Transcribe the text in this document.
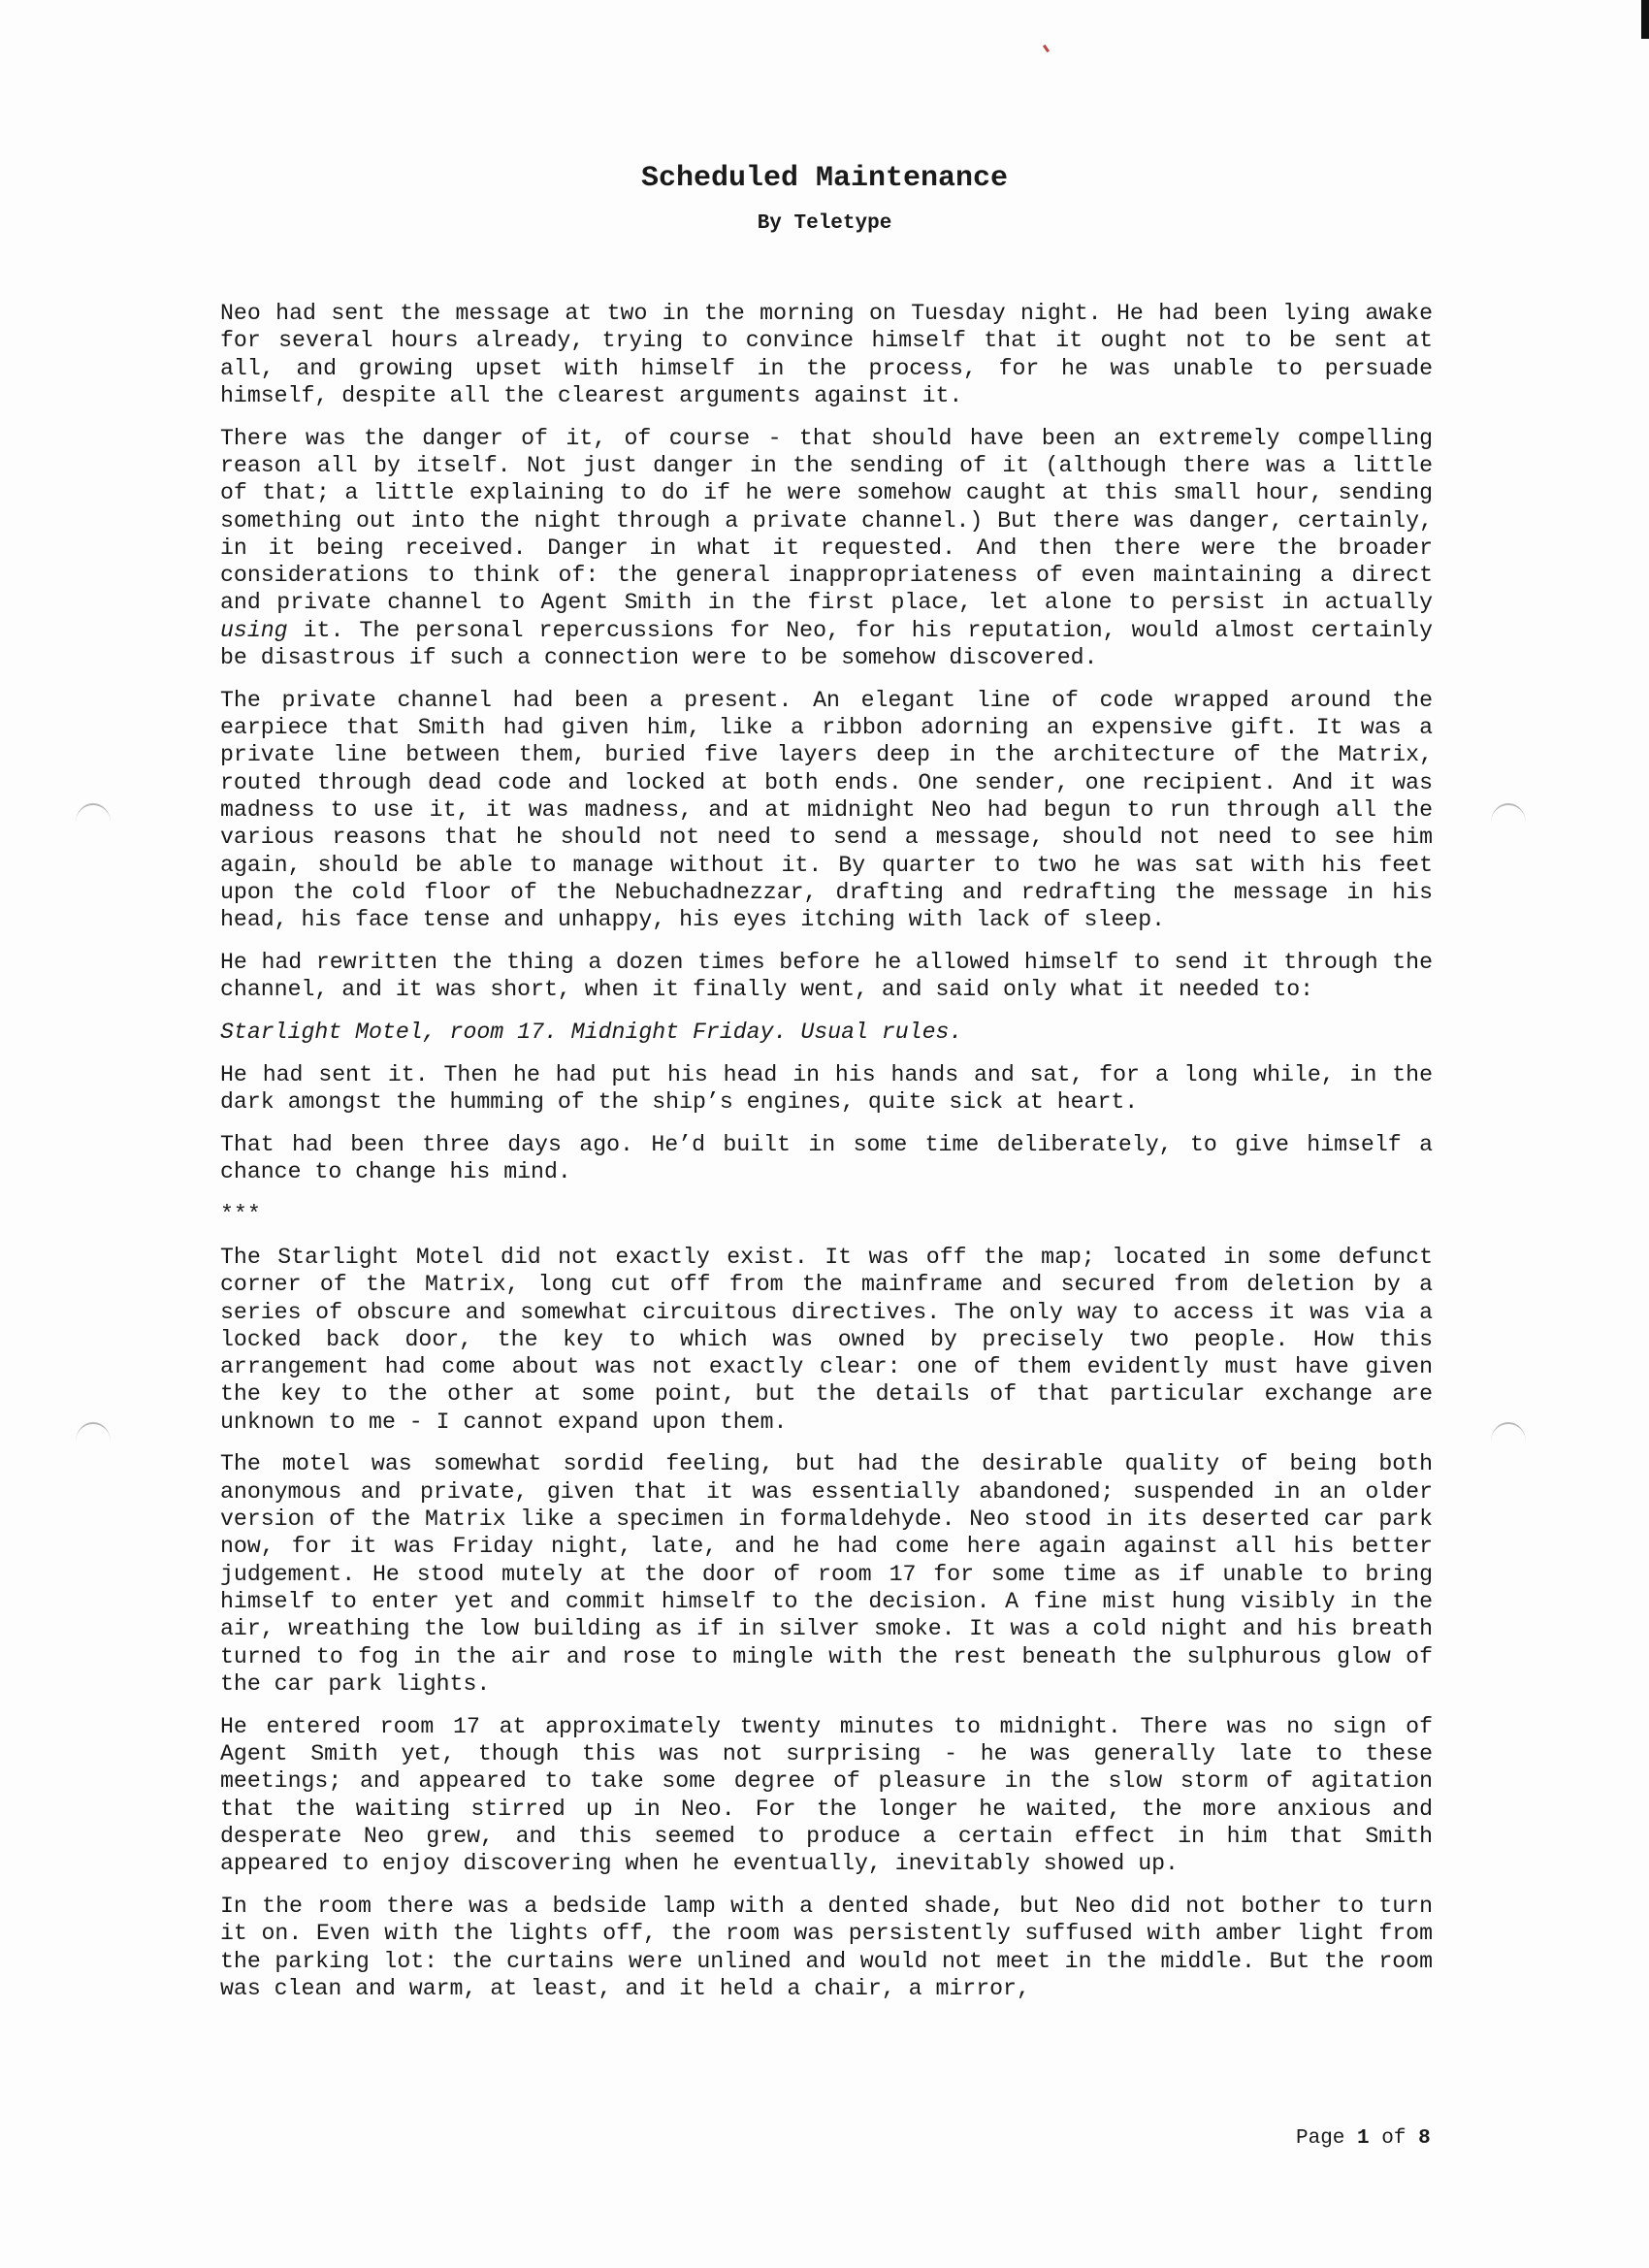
Scheduled Maintenance

By Teletype

Neo had sent the message at two in the morning on Tuesday night. He had been lying awake for several hours already, trying to convince himself that it ought not to be sent at all, and growing upset with himself in the process, for he was unable to persuade himself, despite all the clearest arguments against it.

There was the danger of it, of course - that should have been an extremely compelling reason all by itself. Not just danger in the sending of it (although there was a little of that; a little explaining to do if he were somehow caught at this small hour, sending something out into the night through a private channel.) But there was danger, certainly, in it being received. Danger in what it requested. And then there were the broader considerations to think of: the general inappropriateness of even maintaining a direct and private channel to Agent Smith in the first place, let alone to persist in actually using it. The personal repercussions for Neo, for his reputation, would almost certainly be disastrous if such a connection were to be somehow discovered.

The private channel had been a present. An elegant line of code wrapped around the earpiece that Smith had given him, like a ribbon adorning an expensive gift. It was a private line between them, buried five layers deep in the architecture of the Matrix, routed through dead code and locked at both ends. One sender, one recipient. And it was madness to use it, it was madness, and at midnight Neo had begun to run through all the various reasons that he should not need to send a message, should not need to see him again, should be able to manage without it. By quarter to two he was sat with his feet upon the cold floor of the Nebuchadnezzar, drafting and redrafting the message in his head, his face tense and unhappy, his eyes itching with lack of sleep.

He had rewritten the thing a dozen times before he allowed himself to send it through the channel, and it was short, when it finally went, and said only what it needed to:

Starlight Motel, room 17. Midnight Friday. Usual rules.

He had sent it. Then he had put his head in his hands and sat, for a long while, in the dark amongst the humming of the ship’s engines, quite sick at heart.

That had been three days ago. He’d built in some time deliberately, to give himself a chance to change his mind.

***

The Starlight Motel did not exactly exist. It was off the map; located in some defunct corner of the Matrix, long cut off from the mainframe and secured from deletion by a series of obscure and somewhat circuitous directives. The only way to access it was via a locked back door, the key to which was owned by precisely two people. How this arrangement had come about was not exactly clear: one of them evidently must have given the key to the other at some point, but the details of that particular exchange are unknown to me - I cannot expand upon them.

The motel was somewhat sordid feeling, but had the desirable quality of being both anonymous and private, given that it was essentially abandoned; suspended in an older version of the Matrix like a specimen in formaldehyde. Neo stood in its deserted car park now, for it was Friday night, late, and he had come here again against all his better judgement. He stood mutely at the door of room 17 for some time as if unable to bring himself to enter yet and commit himself to the decision. A fine mist hung visibly in the air, wreathing the low building as if in silver smoke. It was a cold night and his breath turned to fog in the air and rose to mingle with the rest beneath the sulphurous glow of the car park lights.

He entered room 17 at approximately twenty minutes to midnight. There was no sign of Agent Smith yet, though this was not surprising - he was generally late to these meetings; and appeared to take some degree of pleasure in the slow storm of agitation that the waiting stirred up in Neo. For the longer he waited, the more anxious and desperate Neo grew, and this seemed to produce a certain effect in him that Smith appeared to enjoy discovering when he eventually, inevitably showed up.

In the room there was a bedside lamp with a dented shade, but Neo did not bother to turn it on. Even with the lights off, the room was persistently suffused with amber light from the parking lot: the curtains were unlined and would not meet in the middle. But the room was clean and warm, at least, and it held a chair, a mirror,

Page 1 of 8
